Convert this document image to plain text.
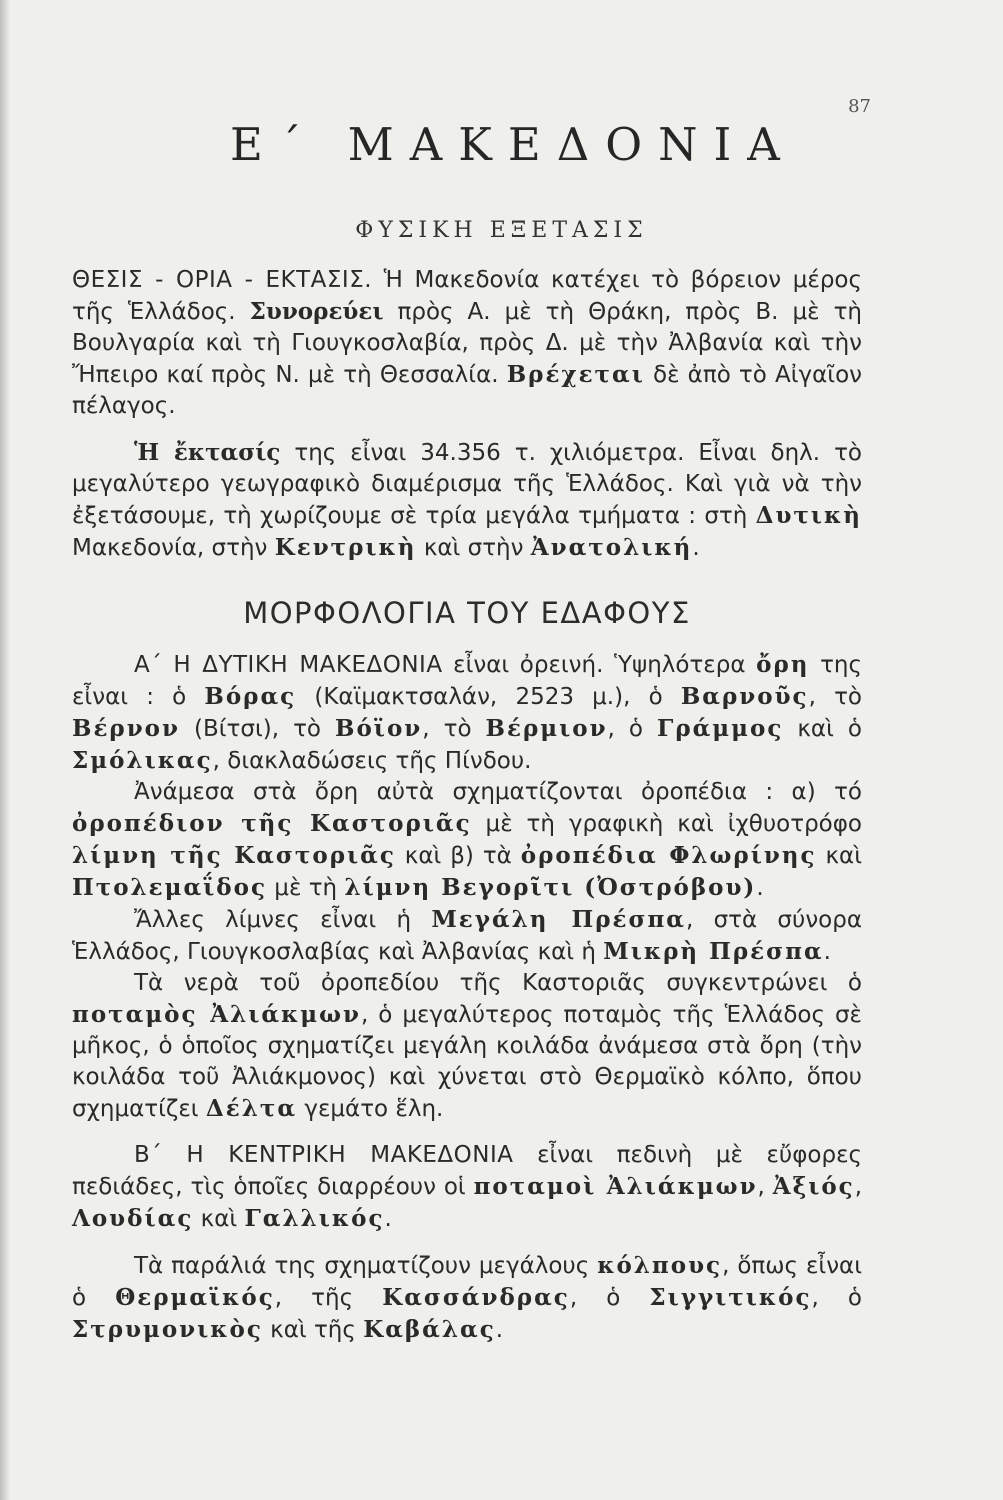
87
Ε΄ ΜΑΚΕΔΟΝΙΑ
ΦΥΣΙΚΗ ΕΞΕΤΑΣΙΣ

ΘΕΣΙΣ - ΟΡΙΑ - ΕΚΤΑΣΙΣ. Ἡ Μακεδονία κατέχει τὸ βόρειον μέρος τῆς Ἑλλάδος. Συνορεύει πρὸς Α. μὲ τὴ Θράκη, πρὸς Β. μὲ τὴ Βουλγαρία καὶ τὴ Γιουγκοσλαβία, πρὸς Δ. μὲ τὴν Ἀλβανία καὶ τὴν Ἤπειρο καί πρὸς Ν. μὲ τὴ Θεσσαλία. Βρέχεται δὲ ἀπὸ τὸ Αἰγαῖον πέλαγος.

Ἡ ἔκτασίς της εἶναι 34.356 τ. χιλιόμετρα. Εἶναι δηλ. τὸ μεγαλύτερο γεωγραφικὸ διαμέρισμα τῆς Ἑλλάδος. Καὶ γιὰ νὰ τὴν ἐξετάσουμε, τὴ χωρίζουμε σὲ τρία μεγάλα τμήματα : στὴ Δυτικὴ Μακεδονία, στὴν Κεντρικὴ καὶ στὴν Ἀνατολική.

ΜΟΡΦΟΛΟΓΙΑ ΤΟΥ ΕΔΑΦΟΥΣ

Α΄ Η ΔΥΤΙΚΗ ΜΑΚΕΔΟΝΙΑ εἶναι ὀρεινή. Ὑψηλότερα ὄρη της εἶναι : ὁ Βόρας (Καϊμακτσαλάν, 2523 μ.), ὁ Βαρνοῦς, τὸ Βέρνον (Βίτσι), τὸ Βόϊον, τὸ Βέρμιον, ὁ Γράμμος καὶ ὁ Σμόλικας, διακλαδώσεις τῆς Πίνδου.

Ἀνάμεσα στὰ ὄρη αὐτὰ σχηματίζονται ὀροπέδια : α) τό ὀροπέδιον τῆς Καστοριᾶς μὲ τὴ γραφικὴ καὶ ἰχθυοτρόφο λίμνη τῆς Καστοριᾶς καὶ β) τὰ ὀροπέδια Φλωρίνης καὶ Πτολεμαΐδος μὲ τὴ λίμνη Βεγορῖτι (Ὀστρόβου).

Ἄλλες λίμνες εἶναι ἡ Μεγάλη Πρέσπα, στὰ σύνορα Ἑλλάδος, Γιουγκοσλαβίας καὶ Ἀλβανίας καὶ ἡ Μικρὴ Πρέσπα.

Τὰ νερὰ τοῦ ὀροπεδίου τῆς Καστοριᾶς συγκεντρώνει ὁ ποταμὸς Ἀλιάκμων, ὁ μεγαλύτερος ποταμὸς τῆς Ἑλλάδος σὲ μῆκος, ὁ ὁποῖος σχηματίζει μεγάλη κοιλάδα ἀνάμεσα στὰ ὄρη (τὴν κοιλάδα τοῦ Ἀλιάκμονος) καὶ χύνεται στὸ Θερμαϊκὸ κόλπο, ὅπου σχηματίζει Δέλτα γεμάτο ἕλη.

Β΄ Η ΚΕΝΤΡΙΚΗ ΜΑΚΕΔΟΝΙΑ εἶναι πεδινὴ μὲ εὔφορες πεδιάδες, τὶς ὁποῖες διαρρέουν οἱ ποταμοὶ Ἀλιάκμων, Ἀξιός, Λουδίας καὶ Γαλλικός.

Τὰ παράλιά της σχηματίζουν μεγάλους κόλπους, ὅπως εἶναι ὁ Θερμαϊκός, τῆς Κασσάνδρας, ὁ Σιγγιτικός, ὁ Στρυμονικὸς καὶ τῆς Καβάλας.
